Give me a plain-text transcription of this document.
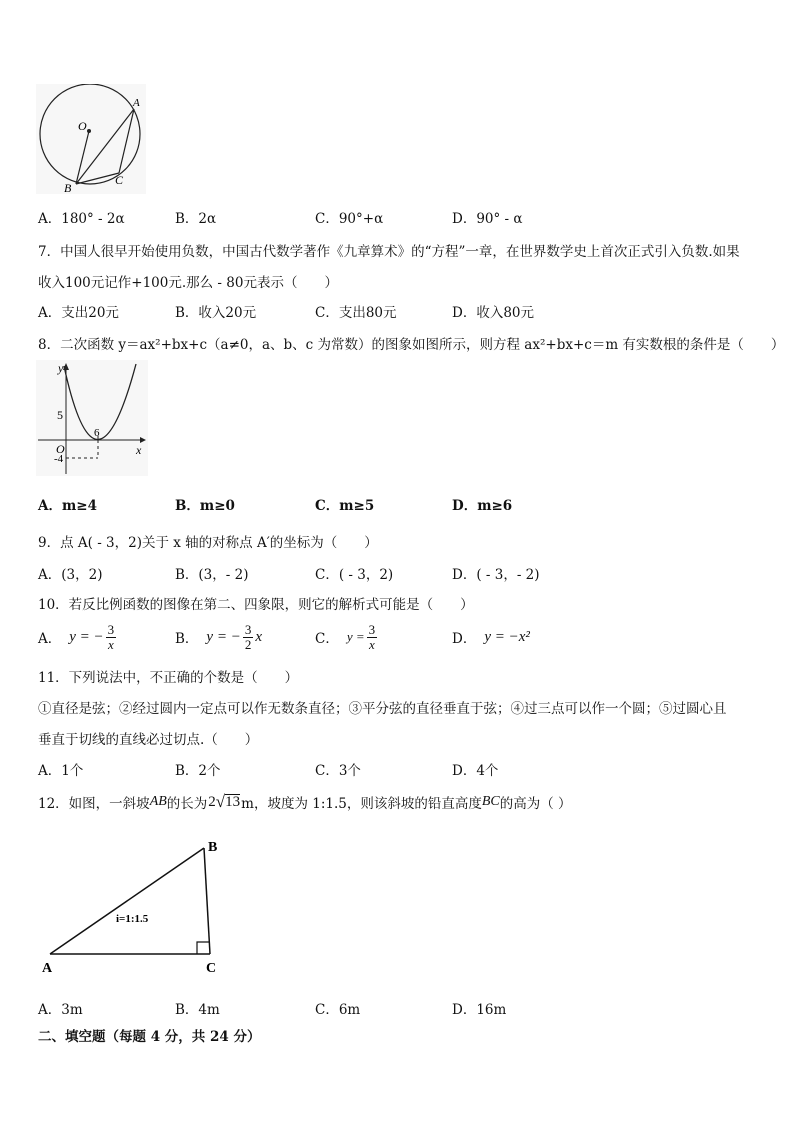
O
A
B
C
A．180° - 2α	B．2α	C．90°+α	D．90° - α
7．中国人很早开始使用负数，中国古代数学著作《九章算术》的“方程”一章，在世界数学史上首次正式引入负数.如果
收入100元记作+100元.那么 - 80元表示（　　）
A．支出20元	B．收入20元	C．支出80元	D．收入80元
8．二次函数 y＝ax²+bx+c（a≠0，a、b、c 为常数）的图象如图所示，则方程 ax²+bx+c＝m 有实数根的条件是（　　）
y
x
O
5
6
-4
A．m≥4	B．m≥0	C．m≥5	D．m≥6
9．点 A( - 3，2)关于 x 轴的对称点 A′的坐标为（　　）
A．(3，2)	B．(3，- 2)	C．( - 3，2)	D．( - 3，- 2)
10．若反比例函数的图像在第二、四象限，则它的解析式可能是（　　）
A． y = − $\frac{3}{x}$	B． y = − $\frac{3}{2}$ x	C． $y = \frac{3}{x}$	D． y = −x²
11．下列说法中，不正确的个数是（　　）
①直径是弦；②经过圆内一定点可以作无数条直径；③平分弦的直径垂直于弦；④过三点可以作一个圆；⑤过圆心且
垂直于切线的直线必过切点.（　　）
A．1个	B．2个	C．3个	D．4个
12．如图，一斜坡 AB 的长为 2 √ 13 m，坡度为 1:1.5，则该斜坡的铅直高度 BC 的高为（ ）
A
B
C
i=1:1.5
A．3m	B．4m	C．6m	D．16m
二、填空题（每题 4 分，共 24 分）
